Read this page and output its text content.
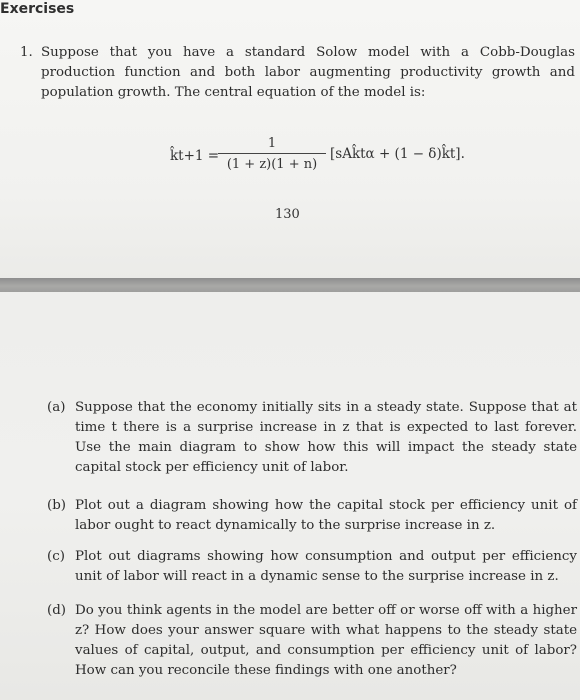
Exercises
1. Suppose that you have a standard Solow model with a Cobb-Douglas production function and both labor augmenting productivity growth and population growth. The central equation of the model is:
k̂t+1 =
1
(1 + z)(1 + n)
[sAk̂tα + (1 − δ)k̂t].
130
(a) Suppose that the economy initially sits in a steady state. Suppose that at time t there is a surprise increase in z that is expected to last forever. Use the main diagram to show how this will impact the steady state capital stock per efficiency unit of labor.
(b) Plot out a diagram showing how the capital stock per efficiency unit of labor ought to react dynamically to the surprise increase in z.
(c) Plot out diagrams showing how consumption and output per efficiency unit of labor will react in a dynamic sense to the surprise increase in z.
(d) Do you think agents in the model are better off or worse off with a higher z? How does your answer square with what happens to the steady state values of capital, output, and consumption per efficiency unit of labor? How can you reconcile these findings with one another?
